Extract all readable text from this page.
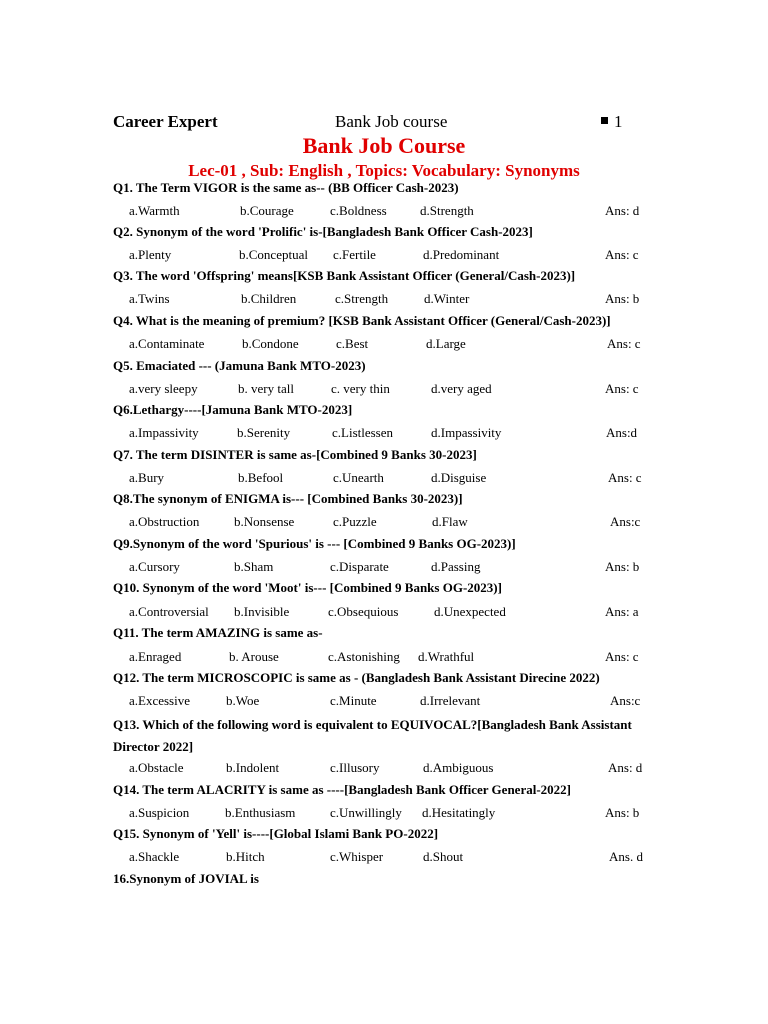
Career Expert	Bank Job course	1
Bank Job Course
Lec-01 , Sub: English , Topics: Vocabulary: Synonyms
Q1. The Term VIGOR is the same as-- (BB Officer Cash-2023)
a.Warmth	b.Courage	c.Boldness	d.Strength	Ans: d
Q2. Synonym of the word 'Prolific' is-[Bangladesh Bank Officer Cash-2023]
a.Plenty	b.Conceptual c.Fertile	d.Predominant	Ans: c
Q3. The word 'Offspring' means[KSB Bank Assistant Officer (General/Cash-2023)]
a.Twins	b.Children	c.Strength	d.Winter	Ans: b
Q4. What is the meaning of premium? [KSB Bank Assistant Officer (General/Cash-2023)]
a.Contaminate	b.Condone	c.Best	d.Large	Ans: c
Q5. Emaciated --- (Jamuna Bank MTO-2023)
a.very sleepy	b. very tall	c. very thin	d.very aged	Ans: c
Q6.Lethargy----[Jamuna Bank MTO-2023]
a.Impassivity	b.Serenity	c.Listlessen	d.Impassivity	Ans:d
Q7. The term DISINTER is same as-[Combined 9 Banks 30-2023]
a.Bury	b.Befool	c.Unearth	d.Disguise	Ans: c
Q8.The synonym of ENIGMA is--- [Combined Banks 30-2023)]
a.Obstruction	b.Nonsense	c.Puzzle	d.Flaw	Ans:c
Q9.Synonym of the word 'Spurious' is --- [Combined 9 Banks OG-2023)]
a.Cursory	b.Sham	c.Disparate	d.Passing	Ans: b
Q10. Synonym of the word 'Moot' is--- [Combined 9 Banks OG-2023)]
a.Controversial b.Invisible	c.Obsequious	d.Unexpected	Ans: a
Q11. The term AMAZING is same as-
a.Enraged	b. Arouse	c.Astonishing d.Wrathful	Ans: c
Q12. The term MICROSCOPIC is same as - (Bangladesh Bank Assistant Direcine 2022)
a.Excessive	b.Woe	c.Minute	d.Irrelevant	Ans:c
Q13. Which of the following word is equivalent to EQUIVOCAL?[Bangladesh Bank Assistant Director 2022]
a.Obstacle	b.Indolent	c.Illusory	d.Ambiguous	Ans: d
Q14. The term ALACRITY is same as ----[Bangladesh Bank Officer General-2022]
a.Suspicion	b.Enthusiasm	c.Unwillingly d.Hesitatingly	Ans: b
Q15. Synonym of 'Yell' is----[Global Islami Bank PO-2022]
a.Shackle	b.Hitch	c.Whisper	d.Shout	Ans. d
16.Synonym of JOVIAL is
